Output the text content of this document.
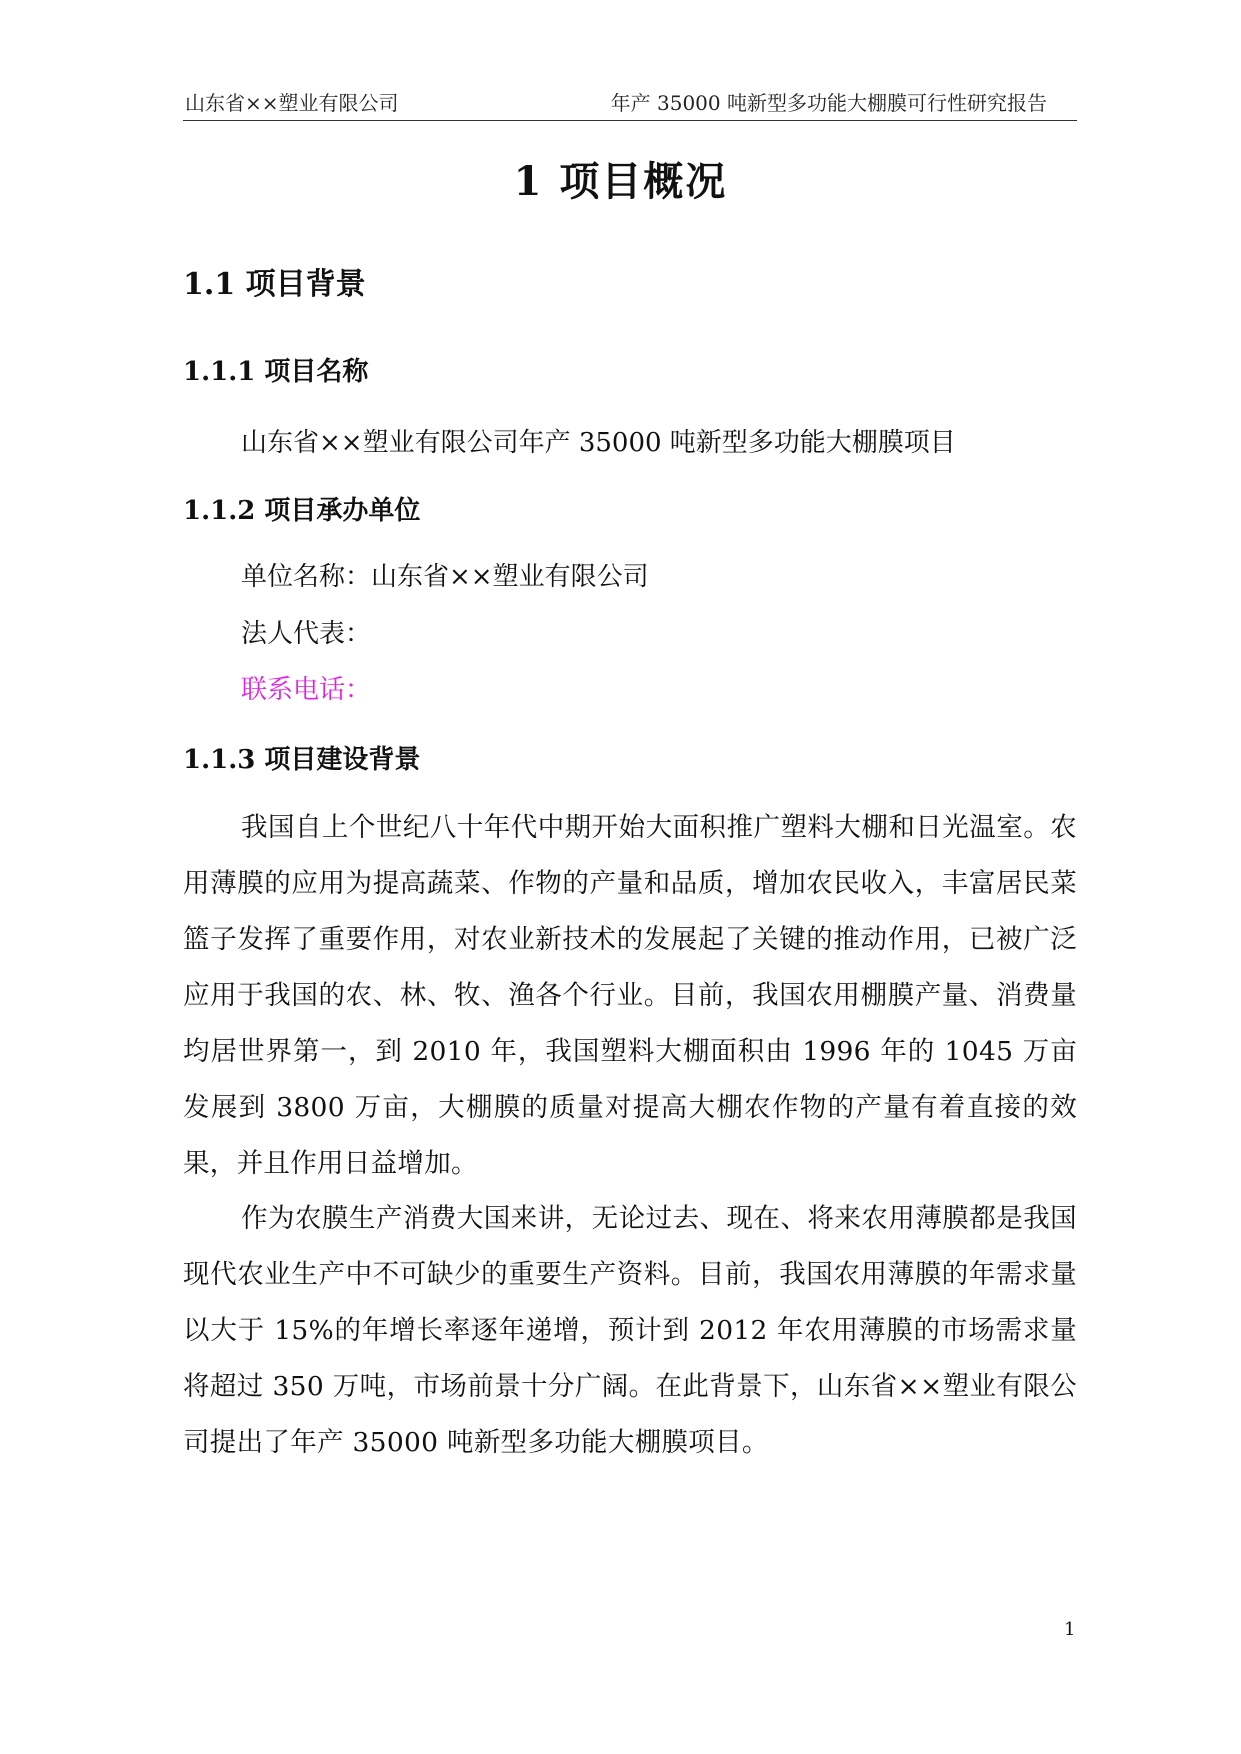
山东省××塑业有限公司	年产 35000 吨新型多功能大棚膜可行性研究报告
1 项目概况
1.1 项目背景
1.1.1 项目名称
山东省××塑业有限公司年产 35000 吨新型多功能大棚膜项目
1.1.2 项目承办单位
单位名称：山东省××塑业有限公司
法人代表：
联系电话：
1.1.3 项目建设背景
我国自上个世纪八十年代中期开始大面积推广塑料大棚和日光温室。农用薄膜的应用为提高蔬菜、作物的产量和品质，增加农民收入，丰富居民菜篮子发挥了重要作用，对农业新技术的发展起了关键的推动作用，已被广泛应用于我国的农、林、牧、渔各个行业。目前，我国农用棚膜产量、消费量均居世界第一，到 2010 年，我国塑料大棚面积由 1996 年的 1045 万亩发展到 3800 万亩，大棚膜的质量对提高大棚农作物的产量有着直接的效果，并且作用日益增加。
作为农膜生产消费大国来讲，无论过去、现在、将来农用薄膜都是我国现代农业生产中不可缺少的重要生产资料。目前，我国农用薄膜的年需求量以大于 15%的年增长率逐年递增，预计到 2012 年农用薄膜的市场需求量将超过 350 万吨，市场前景十分广阔。在此背景下，山东省××塑业有限公司提出了年产 35000 吨新型多功能大棚膜项目。
1
